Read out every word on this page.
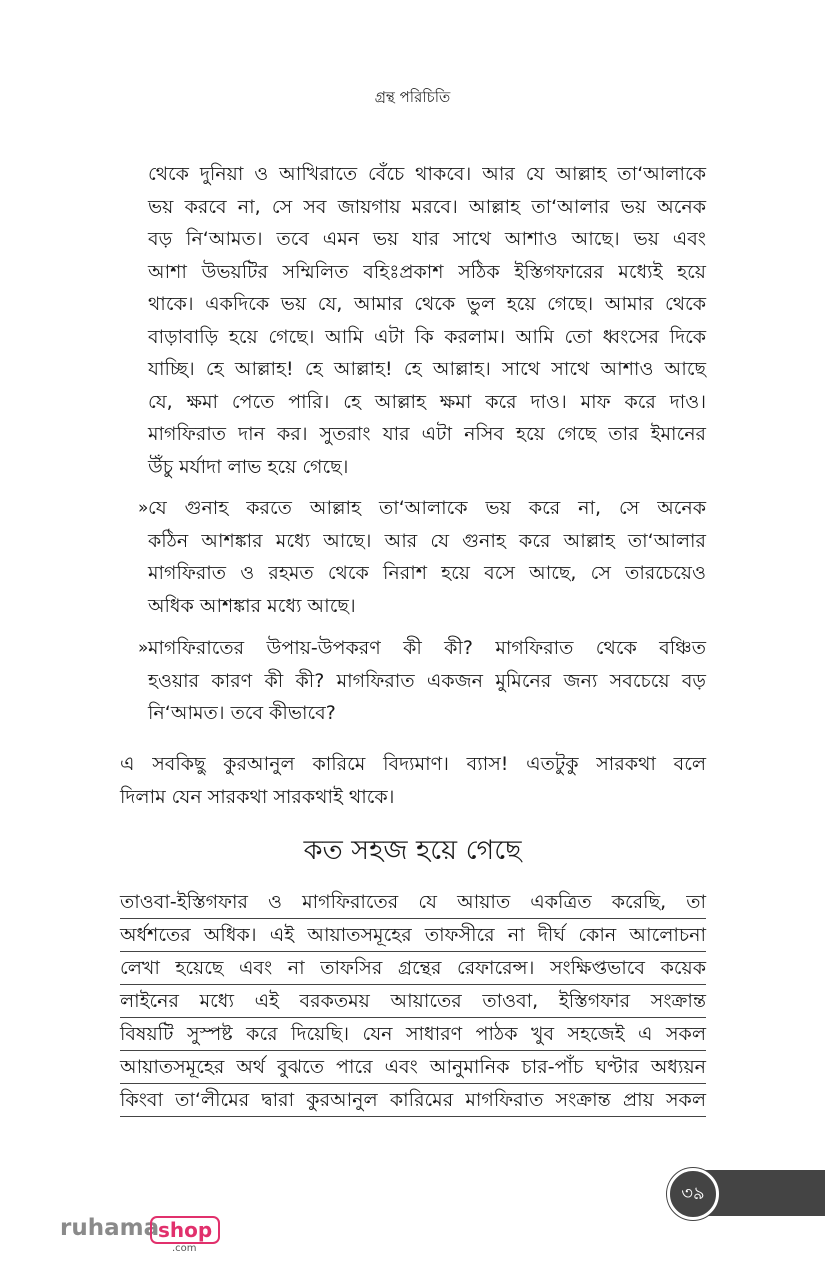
গ্রন্থ পরিচিতি

থেকে দুনিয়া ও আখিরাতে বেঁচে থাকবে। আর যে আল্লাহ তা‘আলাকে
ভয় করবে না, সে সব জায়গায় মরবে। আল্লাহ তা‘আলার ভয় অনেক
বড় নি‘আমত। তবে এমন ভয় যার সাথে আশাও আছে। ভয় এবং
আশা উভয়টির সম্মিলিত বহিঃপ্রকাশ সঠিক ইস্তিগফারের মধ্যেই হয়ে
থাকে। একদিকে ভয় যে, আমার থেকে ভুল হয়ে গেছে। আমার থেকে
বাড়াবাড়ি হয়ে গেছে। আমি এটা কি করলাম। আমি তো ধ্বংসের দিকে
যাচ্ছি। হে আল্লাহ! হে আল্লাহ! হে আল্লাহ। সাথে সাথে আশাও আছে
যে, ক্ষমা পেতে পারি। হে আল্লাহ ক্ষমা করে দাও। মাফ করে দাও।
মাগফিরাত দান কর। সুতরাং যার এটা নসিব হয়ে গেছে তার ইমানের
উঁচু মর্যাদা লাভ হয়ে গেছে।

» যে গুনাহ করতে আল্লাহ তা‘আলাকে ভয় করে না, সে অনেক
কঠিন আশঙ্কার মধ্যে আছে। আর যে গুনাহ করে আল্লাহ তা‘আলার
মাগফিরাত ও রহমত থেকে নিরাশ হয়ে বসে আছে, সে তারচেয়েও
অধিক আশঙ্কার মধ্যে আছে।

» মাগফিরাতের উপায়-উপকরণ কী কী? মাগফিরাত থেকে বঞ্চিত
হওয়ার কারণ কী কী? মাগফিরাত একজন মুমিনের জন্য সবচেয়ে বড়
নি‘আমত। তবে কীভাবে?

এ সবকিছু কুরআনুল কারিমে বিদ্যমাণ। ব্যাস! এতটুকু সারকথা বলে
দিলাম যেন সারকথা সারকথাই থাকে।

কত সহজ হয়ে গেছে

তাওবা-ইস্তিগফার ও মাগফিরাতের যে আয়াত একত্রিত করেছি, তা
অর্ধশতের অধিক। এই আয়াতসমূহের তাফসীরে না দীর্ঘ কোন আলোচনা
লেখা হয়েছে এবং না তাফসির গ্রন্থের রেফারেন্স। সংক্ষিপ্তভাবে কয়েক
লাইনের মধ্যে এই বরকতময় আয়াতের তাওবা, ইস্তিগফার সংক্রান্ত
বিষয়টি সুস্পষ্ট করে দিয়েছি। যেন সাধারণ পাঠক খুব সহজেই এ সকল
আয়াতসমূহের অর্থ বুঝতে পারে এবং আনুমানিক চার-পাঁচ ঘণ্টার অধ্যয়ন
কিংবা তা‘লীমের দ্বারা কুরআনুল কারিমের মাগফিরাত সংক্রান্ত প্রায় সকল

৩৯
ruhama
shop
.com
